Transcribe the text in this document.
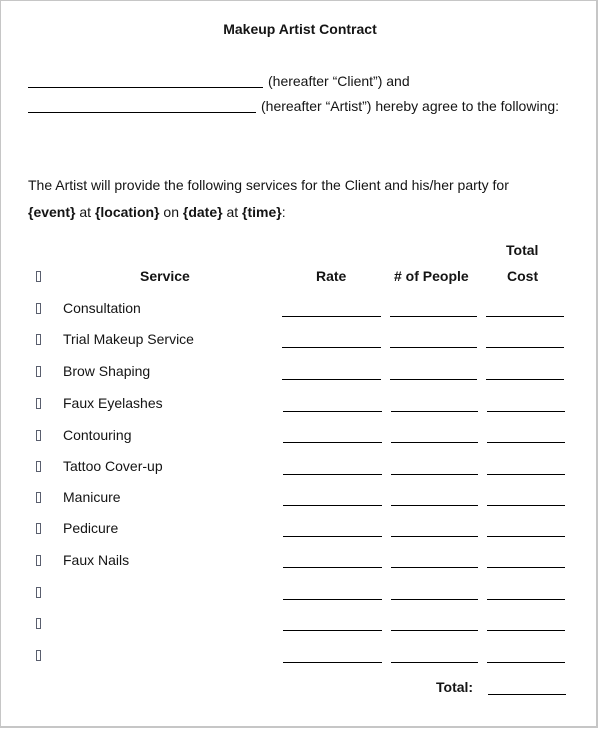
Makeup Artist Contract
(hereafter “Client”) and
(hereafter “Artist”) hereby agree to the following:
The Artist will provide the following services for the Client and his/her party for
{event} at {location} on {date} at {time}:
Service	Rate	# of People
Total
Cost
Consultation
Trial Makeup Service
Brow Shaping
Faux Eyelashes
Contouring
Tattoo Cover-up
Manicure
Pedicure
Faux Nails
Total:
